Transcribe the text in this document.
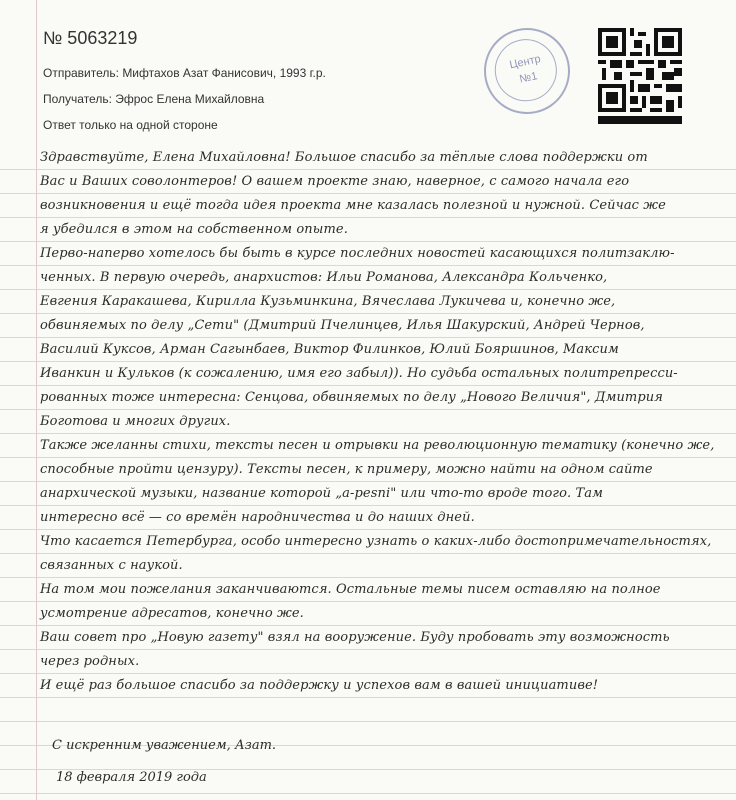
№ 5063219
Отправитель: Мифтахов Азат Фанисович, 1993 г.р.
Получатель: Эфрос Елена Михайловна
Ответ только на одной стороне
Центр
№1
Здравствуйте, Елена Михайловна! Большое спасибо за тёплые слова поддержки от
Вас и Ваших соволонтеров! О вашем проекте знаю, наверное, с самого начала его
возникновения и ещё тогда идея проекта мне казалась полезной и нужной. Сейчас же
я убедился в этом на собственном опыте.
Перво-наперво хотелось бы быть в курсе последних новостей касающихся политзаклю-
ченных. В первую очередь, анархистов: Ильи Романова, Александра Кольченко,
Евгения Каракашева, Кирилла Кузьминкина, Вячеслава Лукичева и, конечно же,
обвиняемых по делу „Сети" (Дмитрий Пчелинцев, Илья Шакурский, Андрей Чернов,
Василий Куксов, Арман Сагынбаев, Виктор Филинков, Юлий Бояршинов, Максим
Иванкин и Кульков (к сожалению, имя его забыл)). Но судьба остальных политрепресси-
рованных тоже интересна: Сенцова, обвиняемых по делу „Нового Величия", Дмитрия
Боготова и многих других.
Также желанны стихи, тексты песен и отрывки на революционную тематику (конечно же,
способные пройти цензуру). Тексты песен, к примеру, можно найти на одном сайте
анархической музыки, название которой „a-pesni" или что-то вроде того. Там
интересно всё — со времён народничества и до наших дней.
Что касается Петербурга, особо интересно узнать о каких-либо достопримечательностях,
связанных с наукой.
На том мои пожелания заканчиваются. Остальные темы писем оставляю на полное
усмотрение адресатов, конечно же.
Ваш совет про „Новую газету" взял на вооружение. Буду пробовать эту возможность
через родных.
И ещё раз большое спасибо за поддержку и успехов вам в вашей инициативе!
С искренним уважением, Азат.
18 февраля 2019 года
